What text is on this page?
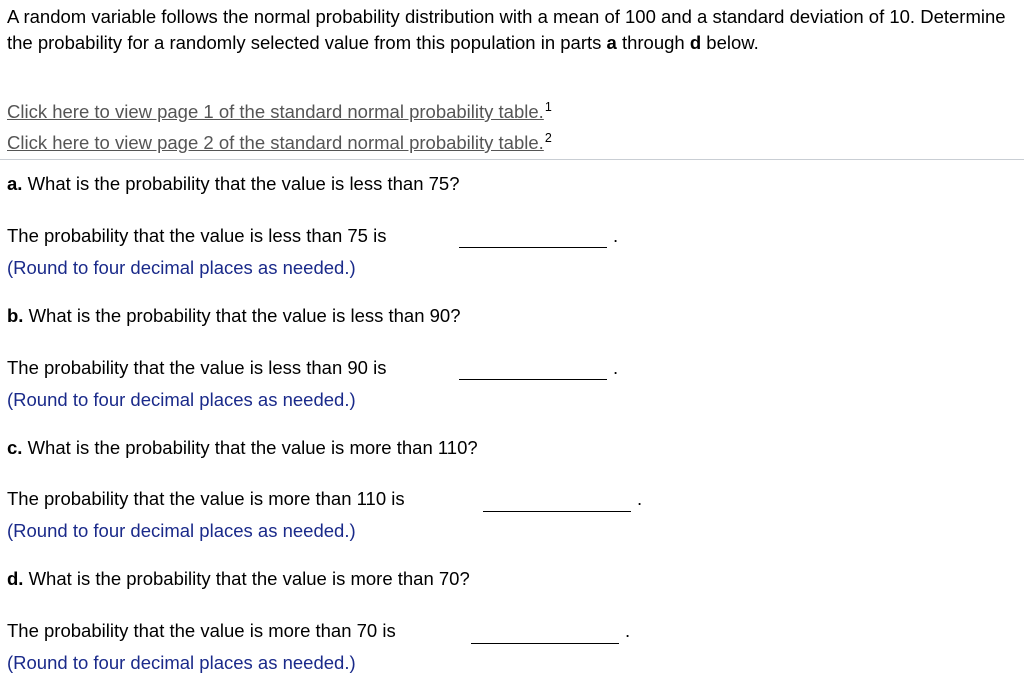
A random variable follows the normal probability distribution with a mean of 100 and a standard deviation of 10. Determine the probability for a randomly selected value from this population in parts a through d below.
Click here to view page 1 of the standard normal probability table.$^1$
Click here to view page 2 of the standard normal probability table.$^2$
a. What is the probability that the value is less than 75?
The probability that the value is less than 75 is	.
(Round to four decimal places as needed.)
b. What is the probability that the value is less than 90?
The probability that the value is less than 90 is	.
(Round to four decimal places as needed.)
c. What is the probability that the value is more than 110?
The probability that the value is more than 110 is	.
(Round to four decimal places as needed.)
d. What is the probability that the value is more than 70?
The probability that the value is more than 70 is	.
(Round to four decimal places as needed.)
